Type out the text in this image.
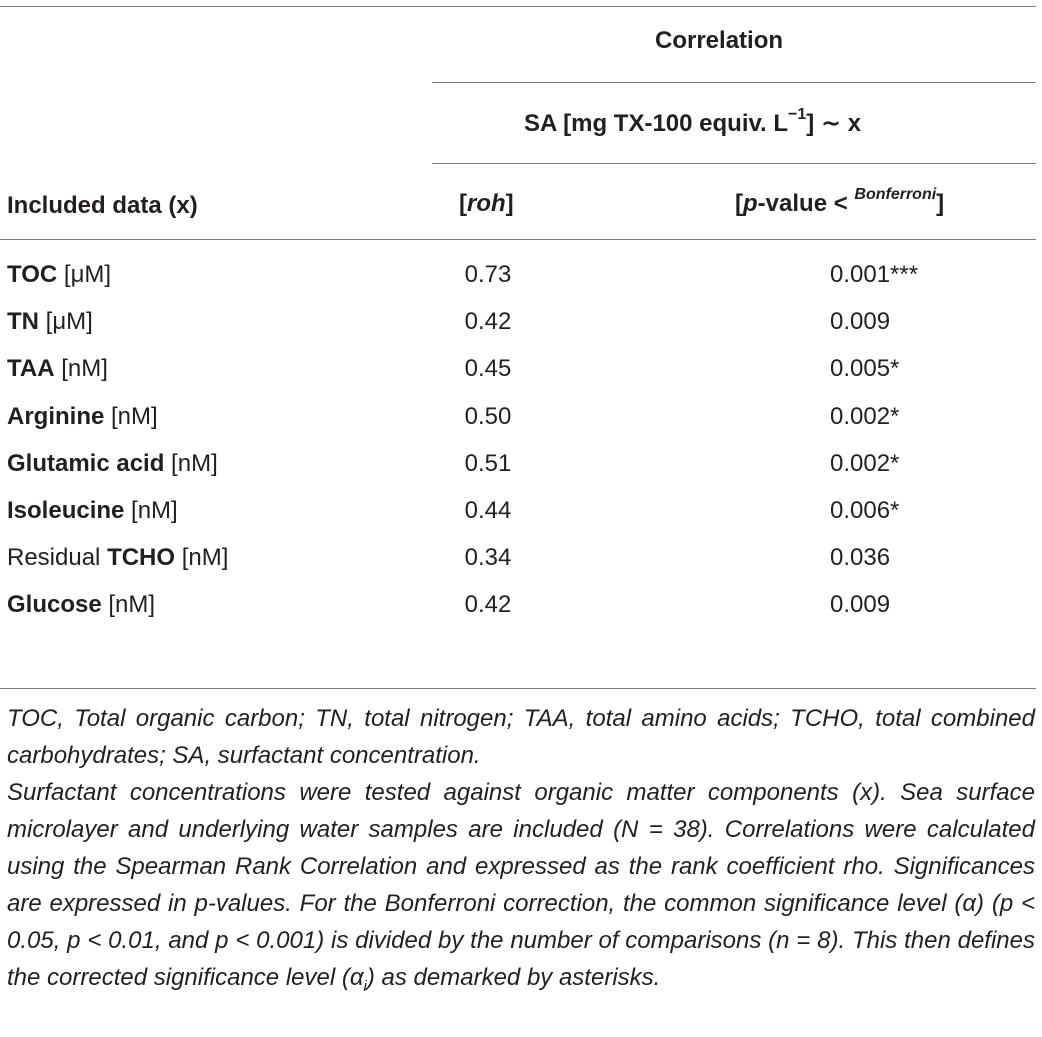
Correlation
SA [mg TX-100 equiv. $L^{-1}$] ∼ x
Included data (x)	[roh]	[p-value < $^{Bonferroni}$]
TOC [μM]	0.73	0.001***
TN [μM]	0.42	0.009
TAA [nM]	0.45	0.005*
Arginine [nM]	0.50	0.002*
Glutamic acid [nM]	0.51	0.002*
Isoleucine [nM]	0.44	0.006*
Residual TCHO [nM]	0.34	0.036
Glucose [nM]	0.42	0.009

TOC, Total organic carbon; TN, total nitrogen; TAA, total amino acids; TCHO, total combined carbohydrates; SA, surfactant concentration.

Surfactant concentrations were tested against organic matter components (x). Sea surface microlayer and underlying water samples are included (N = 38). Correlations were calculated using the Spearman Rank Correlation and expressed as the rank coefficient rho. Significances are expressed in p-values. For the Bonferroni correction, the common significance level (α) (p < 0.05, p < 0.01, and p < 0.001) is divided by the number of comparisons (n = 8). This then defines the corrected significance level $(\alpha_i)$ as demarked by asterisks.
